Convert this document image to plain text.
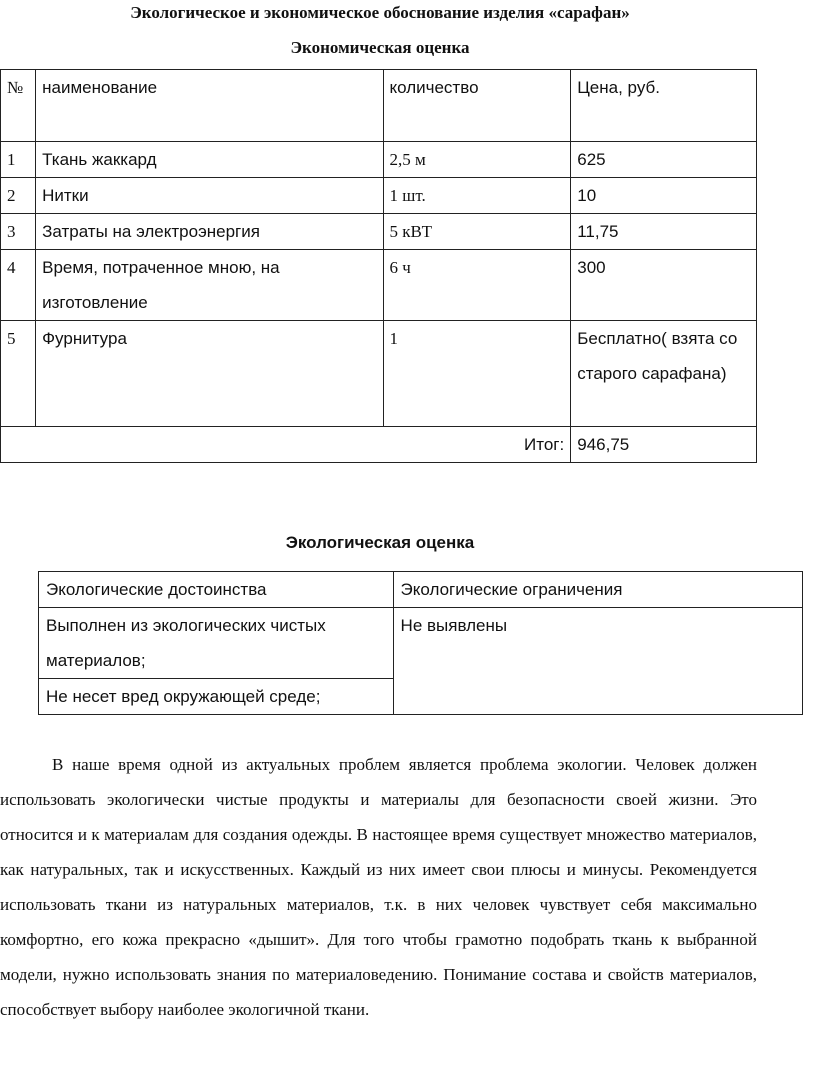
Экологическое и экономическое обоснование изделия «сарафан»
Экономическая оценка
№	наименование	количество	Цена, руб.
1	Ткань жаккард	2,5 м	625
2	Нитки	1 шт.	10
3	Затраты на электроэнергия	5 кВТ	11,75
4	Время, потраченное мною, на изготовление	6 ч	300
5	Фурнитура	1	Бесплатно( взята со старого сарафана)
Итог:			946,75
Экологическая оценка
Экологические достоинства	Экологические ограничения
Выполнен из экологических чистых материалов;	Не выявлены
Не несет вред окружающей среде;	

В наше время одной из актуальных проблем является проблема экологии. Человек должен использовать экологически чистые продукты и материалы для безопасности своей жизни. Это относится и к материалам для создания одежды. В настоящее время существует множество материалов, как натуральных, так и искусственных. Каждый из них имеет свои плюсы и минусы. Рекомендуется использовать ткани из натуральных материалов, т.к. в них человек чувствует себя максимально комфортно, его кожа прекрасно «дышит». Для того чтобы грамотно подобрать ткань к выбранной модели, нужно использовать знания по материаловедению. Понимание состава и свойств материалов, способствует выбору наиболее экологичной ткани.
